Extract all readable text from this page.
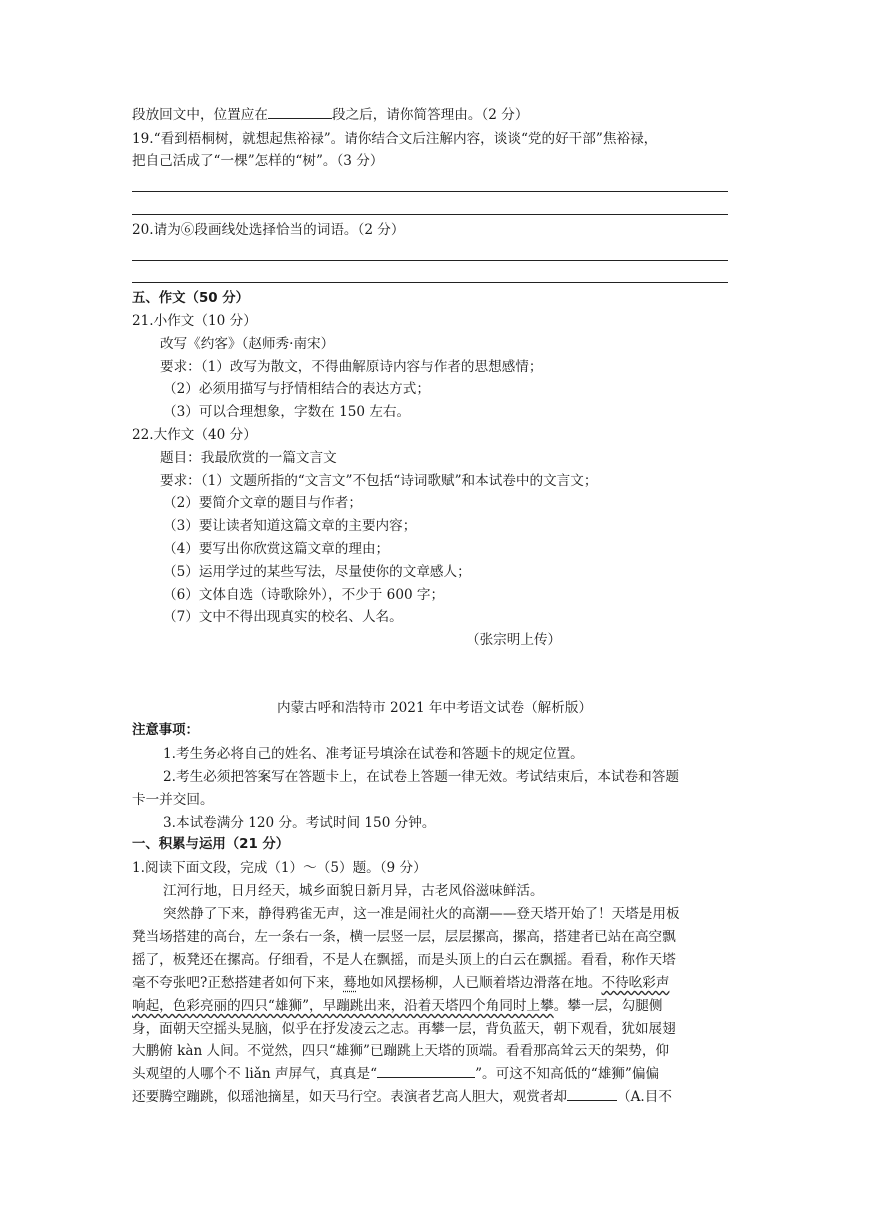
段放回文中，位置应在	段之后，请你简答理由。（2 分）
19.“看到梧桐树，就想起焦裕禄”。请你结合文后注解内容，谈谈“党的好干部”焦裕禄，
把自己活成了“一棵”怎样的“树”。（3 分）
20.请为⑥段画线处选择恰当的词语。（2 分）
五、作文（50 分）
21.小作文（10 分）
改写《约客》（赵师秀·南宋）
要求：（1）改写为散文，不得曲解原诗内容与作者的思想感情；
（2）必须用描写与抒情相结合的表达方式；
（3）可以合理想象，字数在 150 左右。
22.大作文（40 分）
题目：我最欣赏的一篇文言文
要求：（1）文题所指的“文言文”不包括“诗词歌赋”和本试卷中的文言文；
（2）要简介文章的题目与作者；
（3）要让读者知道这篇文章的主要内容；
（4）要写出你欣赏这篇文章的理由；
（5）运用学过的某些写法，尽量使你的文章感人；
（6）文体自选（诗歌除外），不少于 600 字；
（7）文中不得出现真实的校名、人名。
（张宗明上传）
内蒙古呼和浩特市 2021 年中考语文试卷（解析版）
注意事项：
1.考生务必将自己的姓名、准考证号填涂在试卷和答题卡的规定位置。
2.考生必须把答案写在答题卡上，在试卷上答题一律无效。考试结束后，本试卷和答题
卡一并交回。
3.本试卷满分 120 分。考试时间 150 分钟。
一、积累与运用（21 分）
1.阅读下面文段，完成（1）～（5）题。（9 分）
江河行地，日月经天，城乡面貌日新月异，古老风俗滋味鲜活。
突然静了下来，静得鸦雀无声，这一准是闹社火的高潮——登天塔开始了！天塔是用板
凳当场搭建的高台，左一条右一条，横一层竖一层，层层摞高，摞高，搭建者已站在高空飘
摇了，板凳还在摞高。仔细看，不是人在飘摇，而是头顶上的白云在飘摇。看看，称作天塔
毫不夸张吧?正愁搭建者如何下来，蓦地如风摆杨柳，人已顺着塔边滑落在地。不待吆彩声
响起，色彩亮丽的四只“雄狮”，早蹦跳出来，沿着天塔四个角同时上攀。攀一层，勾腿侧
身，面朝天空摇头晃脑，似乎在抒发凌云之志。再攀一层，背负蓝天，朝下观看，犹如展翅
大鹏俯 kàn 人间。不觉然，四只“雄狮”已蹦跳上天塔的顶端。看看那高耸云天的架势，仰
头观望的人哪个不 liǎn 声屏气，真真是“	”。可这不知高低的“雄狮”偏偏
还要腾空蹦跳，似瑶池摘星，如天马行空。表演者艺高人胆大，观赏者却	（A.目不
